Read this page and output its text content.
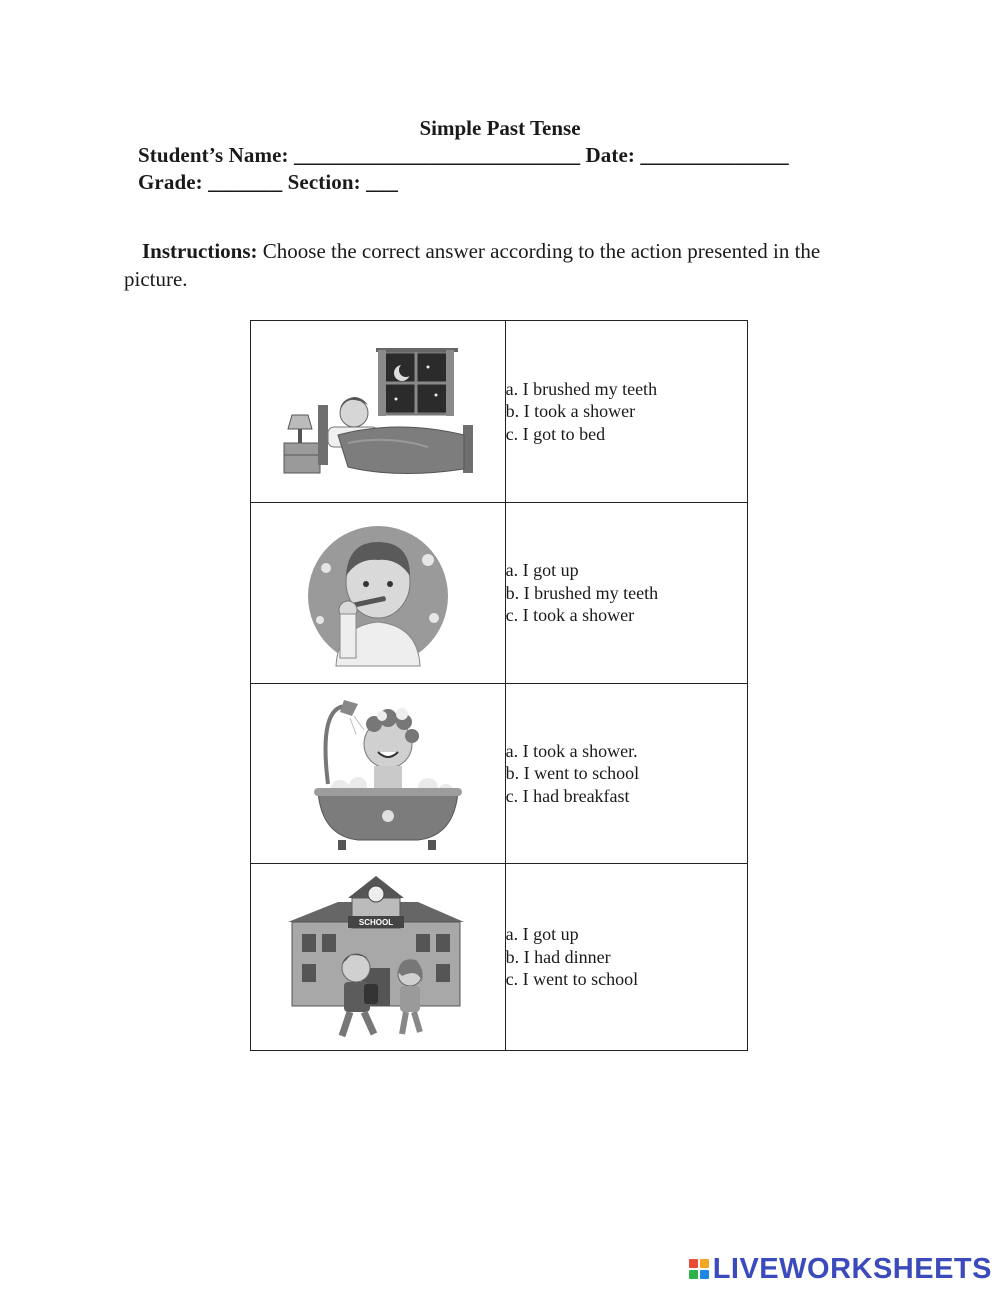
Simple Past Tense
Student’s Name: ___________________________ Date: ______________
Grade: _______ Section: ___
Instructions: Choose the correct answer according to the action presented in the picture.

a. I brushed my teeth
b. I took a shower
c. I got to bed

a. I got up
b. I brushed my teeth
c. I took a shower

a. I took a shower.
b. I went to school
c. I had breakfast

SCHOOL	a. I got up
b. I had dinner
c. I went to school
LIVEWORKSHEETS
